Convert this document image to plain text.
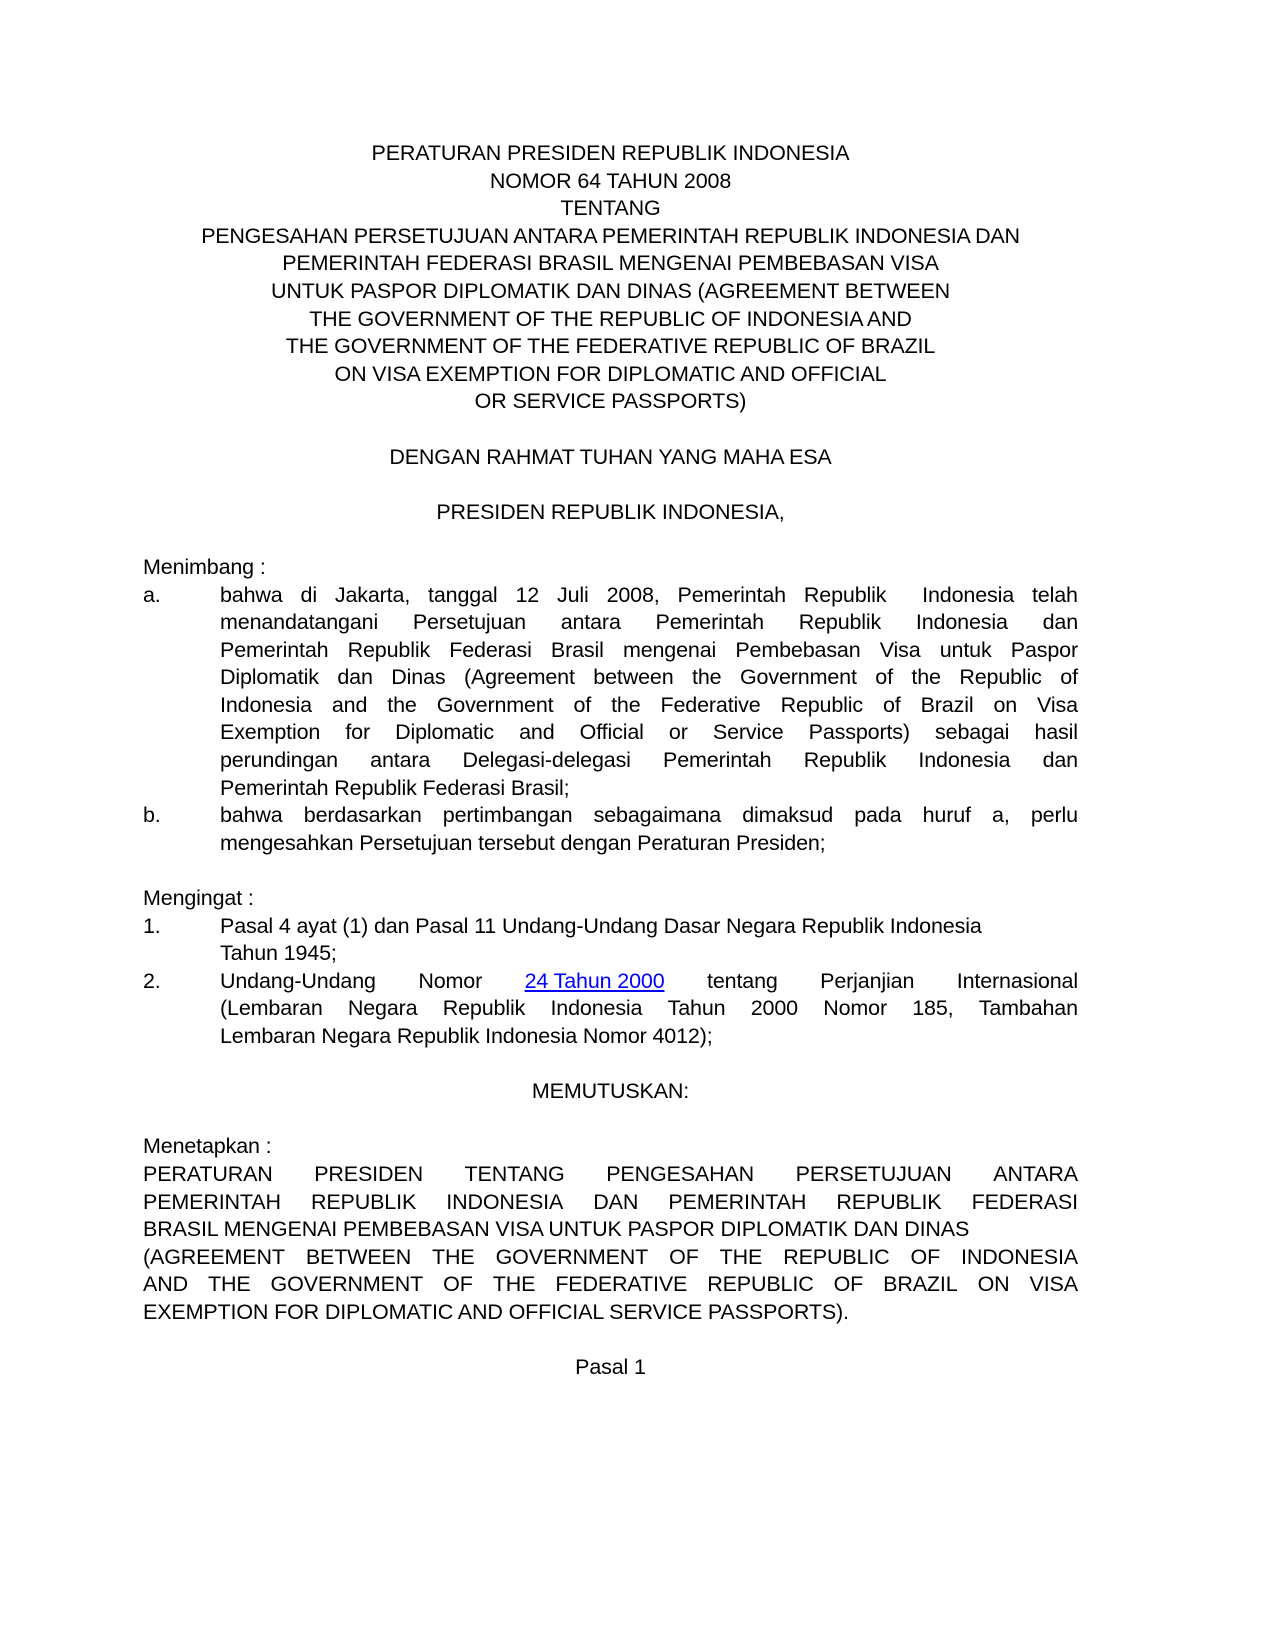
PERATURAN PRESIDEN REPUBLIK INDONESIA
NOMOR 64 TAHUN 2008
TENTANG
PENGESAHAN PERSETUJUAN ANTARA PEMERINTAH REPUBLIK INDONESIA DAN
PEMERINTAH FEDERASI BRASIL MENGENAI PEMBEBASAN VISA
UNTUK PASPOR DIPLOMATIK DAN DINAS (AGREEMENT BETWEEN
THE GOVERNMENT OF THE REPUBLIC OF INDONESIA AND
THE GOVERNMENT OF THE FEDERATIVE REPUBLIC OF BRAZIL
ON VISA EXEMPTION FOR DIPLOMATIC AND OFFICIAL
OR SERVICE PASSPORTS)
DENGAN RAHMAT TUHAN YANG MAHA ESA
PRESIDEN REPUBLIK INDONESIA,
Menimbang :
a.	bahwa di Jakarta, tanggal 12 Juli 2008, Pemerintah Republik Indonesia telah
menandatangani Persetujuan antara Pemerintah Republik Indonesia dan
Pemerintah Republik Federasi Brasil mengenai Pembebasan Visa untuk Paspor
Diplomatik dan Dinas (Agreement between the Government of the Republic of
Indonesia and the Government of the Federative Republic of Brazil on Visa
Exemption for Diplomatic and Official or Service Passports) sebagai hasil
perundingan antara Delegasi-delegasi Pemerintah Republik Indonesia dan
Pemerintah Republik Federasi Brasil;
b.	bahwa berdasarkan pertimbangan sebagaimana dimaksud pada huruf a, perlu
mengesahkan Persetujuan tersebut dengan Peraturan Presiden;
Mengingat :
1.	Pasal 4 ayat (1) dan Pasal 11 Undang-Undang Dasar Negara Republik Indonesia
Tahun 1945;
2.	Undang-Undang Nomor 24 Tahun 2000 tentang Perjanjian Internasional
(Lembaran Negara Republik Indonesia Tahun 2000 Nomor 185, Tambahan
Lembaran Negara Republik Indonesia Nomor 4012);
MEMUTUSKAN:
Menetapkan :
PERATURAN PRESIDEN TENTANG PENGESAHAN PERSETUJUAN ANTARA
PEMERINTAH REPUBLIK INDONESIA DAN PEMERINTAH REPUBLIK FEDERASI
BRASIL MENGENAI PEMBEBASAN VISA UNTUK PASPOR DIPLOMATIK DAN DINAS
(AGREEMENT BETWEEN THE GOVERNMENT OF THE REPUBLIC OF INDONESIA
AND THE GOVERNMENT OF THE FEDERATIVE REPUBLIC OF BRAZIL ON VISA
EXEMPTION FOR DIPLOMATIC AND OFFICIAL SERVICE PASSPORTS).
Pasal 1
